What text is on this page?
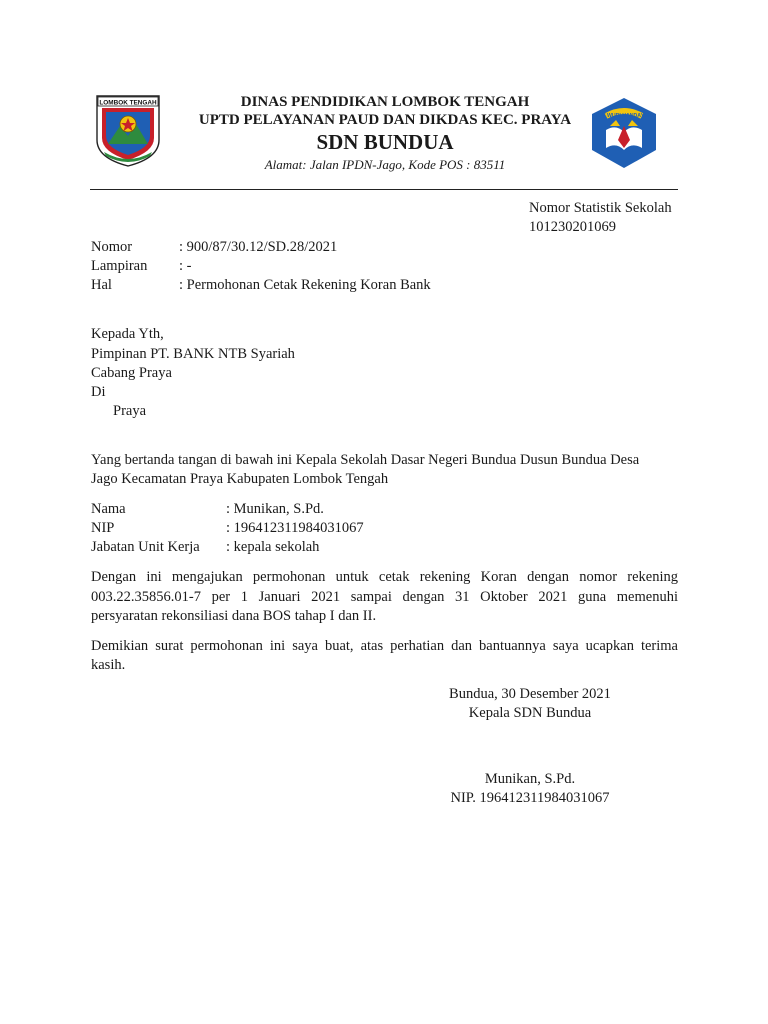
LOMBOK TENGAH
TUT WURI HANDAYANI
DINAS PENDIDIKAN LOMBOK TENGAH
UPTD PELAYANAN PAUD DAN DIKDAS KEC. PRAYA
SDN BUNDUA
Alamat: Jalan IPDN-Jago, Kode POS : 83511
Nomor Statistik Sekolah
101230201069
Nomor	: 900/87/30.12/SD.28/2021
Lampiran : -
Hal	: Permohonan Cetak Rekening Koran Bank
Kepada Yth,
Pimpinan PT. BANK NTB Syariah
Cabang Praya
Di
Praya
Yang bertanda tangan di bawah ini Kepala Sekolah Dasar Negeri Bundua Dusun Bundua Desa
Jago Kecamatan Praya Kabupaten Lombok Tengah
Nama	: Munikan, S.Pd.
NIP	: 196412311984031067
Jabatan Unit Kerja : kepala sekolah
Dengan ini mengajukan permohonan untuk cetak rekening Koran dengan nomor rekening
003.22.35856.01-7 per 1 Januari 2021 sampai dengan 31 Oktober 2021 guna memenuhi
persyaratan rekonsiliasi dana BOS tahap I dan II.
Demikian surat permohonan ini saya buat, atas perhatian dan bantuannya saya ucapkan terima
kasih.
Bundua, 30 Desember 2021
Kepala SDN Bundua
Munikan, S.Pd.
NIP. 196412311984031067
